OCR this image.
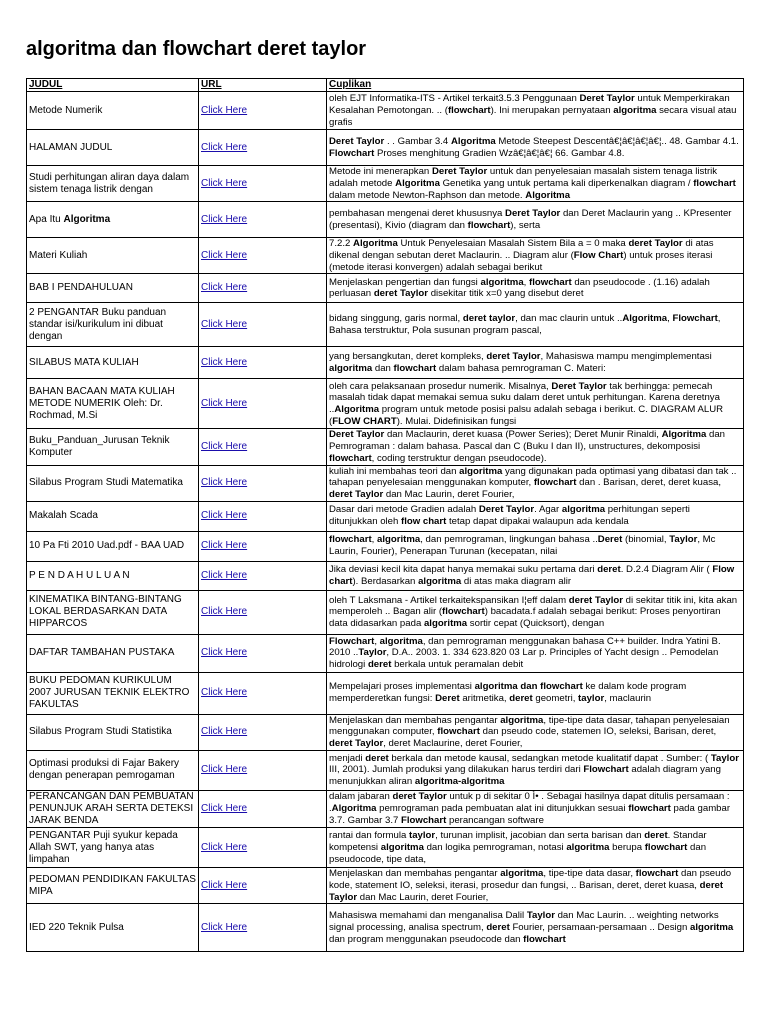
algoritma dan flowchart deret taylor
JUDUL	URL	Cuplikan
Metode Numerik	Click Here	oleh EJT Informatika-ITS - Artikel terkait3.5.3 Penggunaan Deret Taylor untuk Memperkirakan Kesalahan Pemotongan. .. (flowchart). Ini merupakan pernyataan algoritma secara visual atau grafis
HALAMAN JUDUL	Click Here	Deret Taylor . . Gambar 3.4 Algoritma Metode Steepest Descentâ€¦â€¦â€¦â€¦.. 48. Gambar 4.1. Flowchart Proses menghitung Gradien Wzâ€¦â€¦â€¦ 66. Gambar 4.8.
Studi perhitungan aliran daya dalam sistem tenaga listrik dengan	Click Here	Metode ini menerapkan Deret Taylor untuk dan penyelesaian masalah sistem tenaga listrik adalah metode Algoritma Genetika yang untuk pertama kali diperkenalkan diagram / flowchart dalam metode Newton-Raphson dan metode. Algoritma
Apa Itu Algoritma	Click Here	pembahasan mengenai deret khususnya Deret Taylor dan Deret Maclaurin yang .. KPresenter (presentasi), Kivio (diagram dan flowchart), serta
Materi Kuliah	Click Here	7.2.2 Algoritma Untuk Penyelesaian Masalah Sistem Bila a = 0 maka deret Taylor di atas dikenal dengan sebutan deret Maclaurin. .. Diagram alur (Flow Chart) untuk proses iterasi (metode iterasi konvergen) adalah sebagai berikut
BAB I PENDAHULUAN	Click Here	Menjelaskan pengertian dan fungsi algoritma, flowchart dan pseudocode . (1.16) adalah perluasan deret Taylor disekitar titik x=0 yang disebut deret
2 PENGANTAR Buku panduan standar isi/kurikulum ini dibuat dengan	Click Here	bidang singgung, garis normal, deret taylor, dan mac claurin untuk ..Algoritma, Flowchart, Bahasa terstruktur, Pola susunan program pascal,
SILABUS MATA KULIAH	Click Here	yang bersangkutan, deret kompleks, deret Taylor, Mahasiswa mampu mengimplementasi algoritma dan flowchart dalam bahasa pemrograman C. Materi:
BAHAN BACAAN MATA KULIAH METODE NUMERIK Oleh: Dr. Rochmad, M.Si	Click Here	oleh cara pelaksanaan prosedur numerik. Misalnya, Deret Taylor tak berhingga: pemecah masalah tidak dapat memakai semua suku dalam deret untuk perhitungan. Karena deretnya ..Algoritma program untuk metode posisi palsu adalah sebaga i berikut. C. DIAGRAM ALUR (FLOW CHART). Mulai. Didefinisikan fungsi
Buku_Panduan_Jurusan Teknik Komputer	Click Here	Deret Taylor dan Maclaurin, deret kuasa (Power Series); Deret Munir Rinaldi, Algoritma dan Pemrograman : dalam bahasa. Pascal dan C (Buku I dan II), unstructures, dekomposisi flowchart, coding terstruktur dengan pseudocode).
Silabus Program Studi Matematika	Click Here	kuliah ini membahas teori dan algoritma yang digunakan pada optimasi yang dibatasi dan tak .. tahapan penyelesaian menggunakan komputer, flowchart dan . Barisan, deret, deret kuasa, deret Taylor dan Mac Laurin, deret Fourier,
Makalah Scada	Click Here	Dasar dari metode Gradien adalah Deret Taylor. Agar algoritma perhitungan seperti ditunjukkan oleh flow chart tetap dapat dipakai walaupun ada kendala
10 Pa Fti 2010 Uad.pdf - BAA UAD	Click Here	flowchart, algoritma, dan pemrograman, lingkungan bahasa ..Deret (binomial, Taylor, Mc Laurin, Fourier), Penerapan Turunan (kecepatan, nilai
P E N D A H U L U A N	Click Here	Jika deviasi kecil kita dapat hanya memakai suku pertama dari deret. D.2.4 Diagram Alir ( Flow chart). Berdasarkan algoritma di atas maka diagram alir
KINEMATIKA BINTANG-BINTANG LOKAL BERDASARKAN DATA HIPPARCOS	Click Here	oleh T Laksmana - Artikel terkaitekspansikan I¦eff dalam deret Taylor di sekitar titik ini, kita akan memperoleh .. Bagan alir (flowchart) bacadata.f adalah sebagai berikut: Proses penyortiran data didasarkan pada algoritma sortir cepat (Quicksort), dengan
DAFTAR TAMBAHAN PUSTAKA	Click Here	Flowchart, algoritma, dan pemrograman menggunakan bahasa C++ builder. Indra Yatini B. 2010 ..Taylor, D.A.. 2003. 1. 334 623.820 03 Lar p. Principles of Yacht design .. Pemodelan hidrologi deret berkala untuk peramalan debit
BUKU PEDOMAN KURIKULUM 2007 JURUSAN TEKNIK ELEKTRO FAKULTAS	Click Here	Mempelajari proses implementasi algoritma dan flowchart ke dalam kode program memperderetkan fungsi: Deret aritmetika, deret geometri, taylor, maclaurin
Silabus Program Studi Statistika	Click Here	Menjelaskan dan membahas pengantar algoritma, tipe-tipe data dasar, tahapan penyelesaian menggunakan computer, flowchart dan pseudo code, statemen IO, seleksi, Barisan, deret, deret Taylor, deret Maclaurine, deret Fourier,
Optimasi produksi di Fajar Bakery dengan penerapan pemrogaman	Click Here	menjadi deret berkala dan metode kausal, sedangkan metode kualitatif dapat . Sumber: ( Taylor III, 2001). Jumlah produksi yang dilakukan harus terdiri dari Flowchart adalah diagram yang menunjukkan aliran algoritma-algoritma
PERANCANGAN DAN PEMBUATAN PENUNJUK ARAH SERTA DETEKSI JARAK BENDA	Click Here	dalam jabaran deret Taylor untuk p di sekitar 0 Ì• . Sebagai hasilnya dapat ditulis persamaan : .Algoritma pemrograman pada pembuatan alat ini ditunjukkan sesuai flowchart pada gambar 3.7. Gambar 3.7 Flowchart perancangan software
PENGANTAR Puji syukur kepada Allah SWT, yang hanya atas limpahan	Click Here	rantai dan formula taylor, turunan implisit, jacobian dan serta barisan dan deret. Standar kompetensi algoritma dan logika pemrograman, notasi algoritma berupa flowchart dan pseudocode, tipe data,
PEDOMAN PENDIDIKAN FAKULTAS MIPA	Click Here	Menjelaskan dan membahas pengantar algoritma, tipe-tipe data dasar, flowchart dan pseudo kode, statement IO, seleksi, iterasi, prosedur dan fungsi, .. Barisan, deret, deret kuasa, deret Taylor dan Mac Laurin, deret Fourier,
IED 220 Teknik Pulsa	Click Here	Mahasiswa memahami dan menganalisa Dalil Taylor dan Mac Laurin. .. weighting networks signal processing, analisa spectrum, deret Fourier, persamaan-persamaan .. Design algoritma dan program menggunakan pseudocode dan flowchart
